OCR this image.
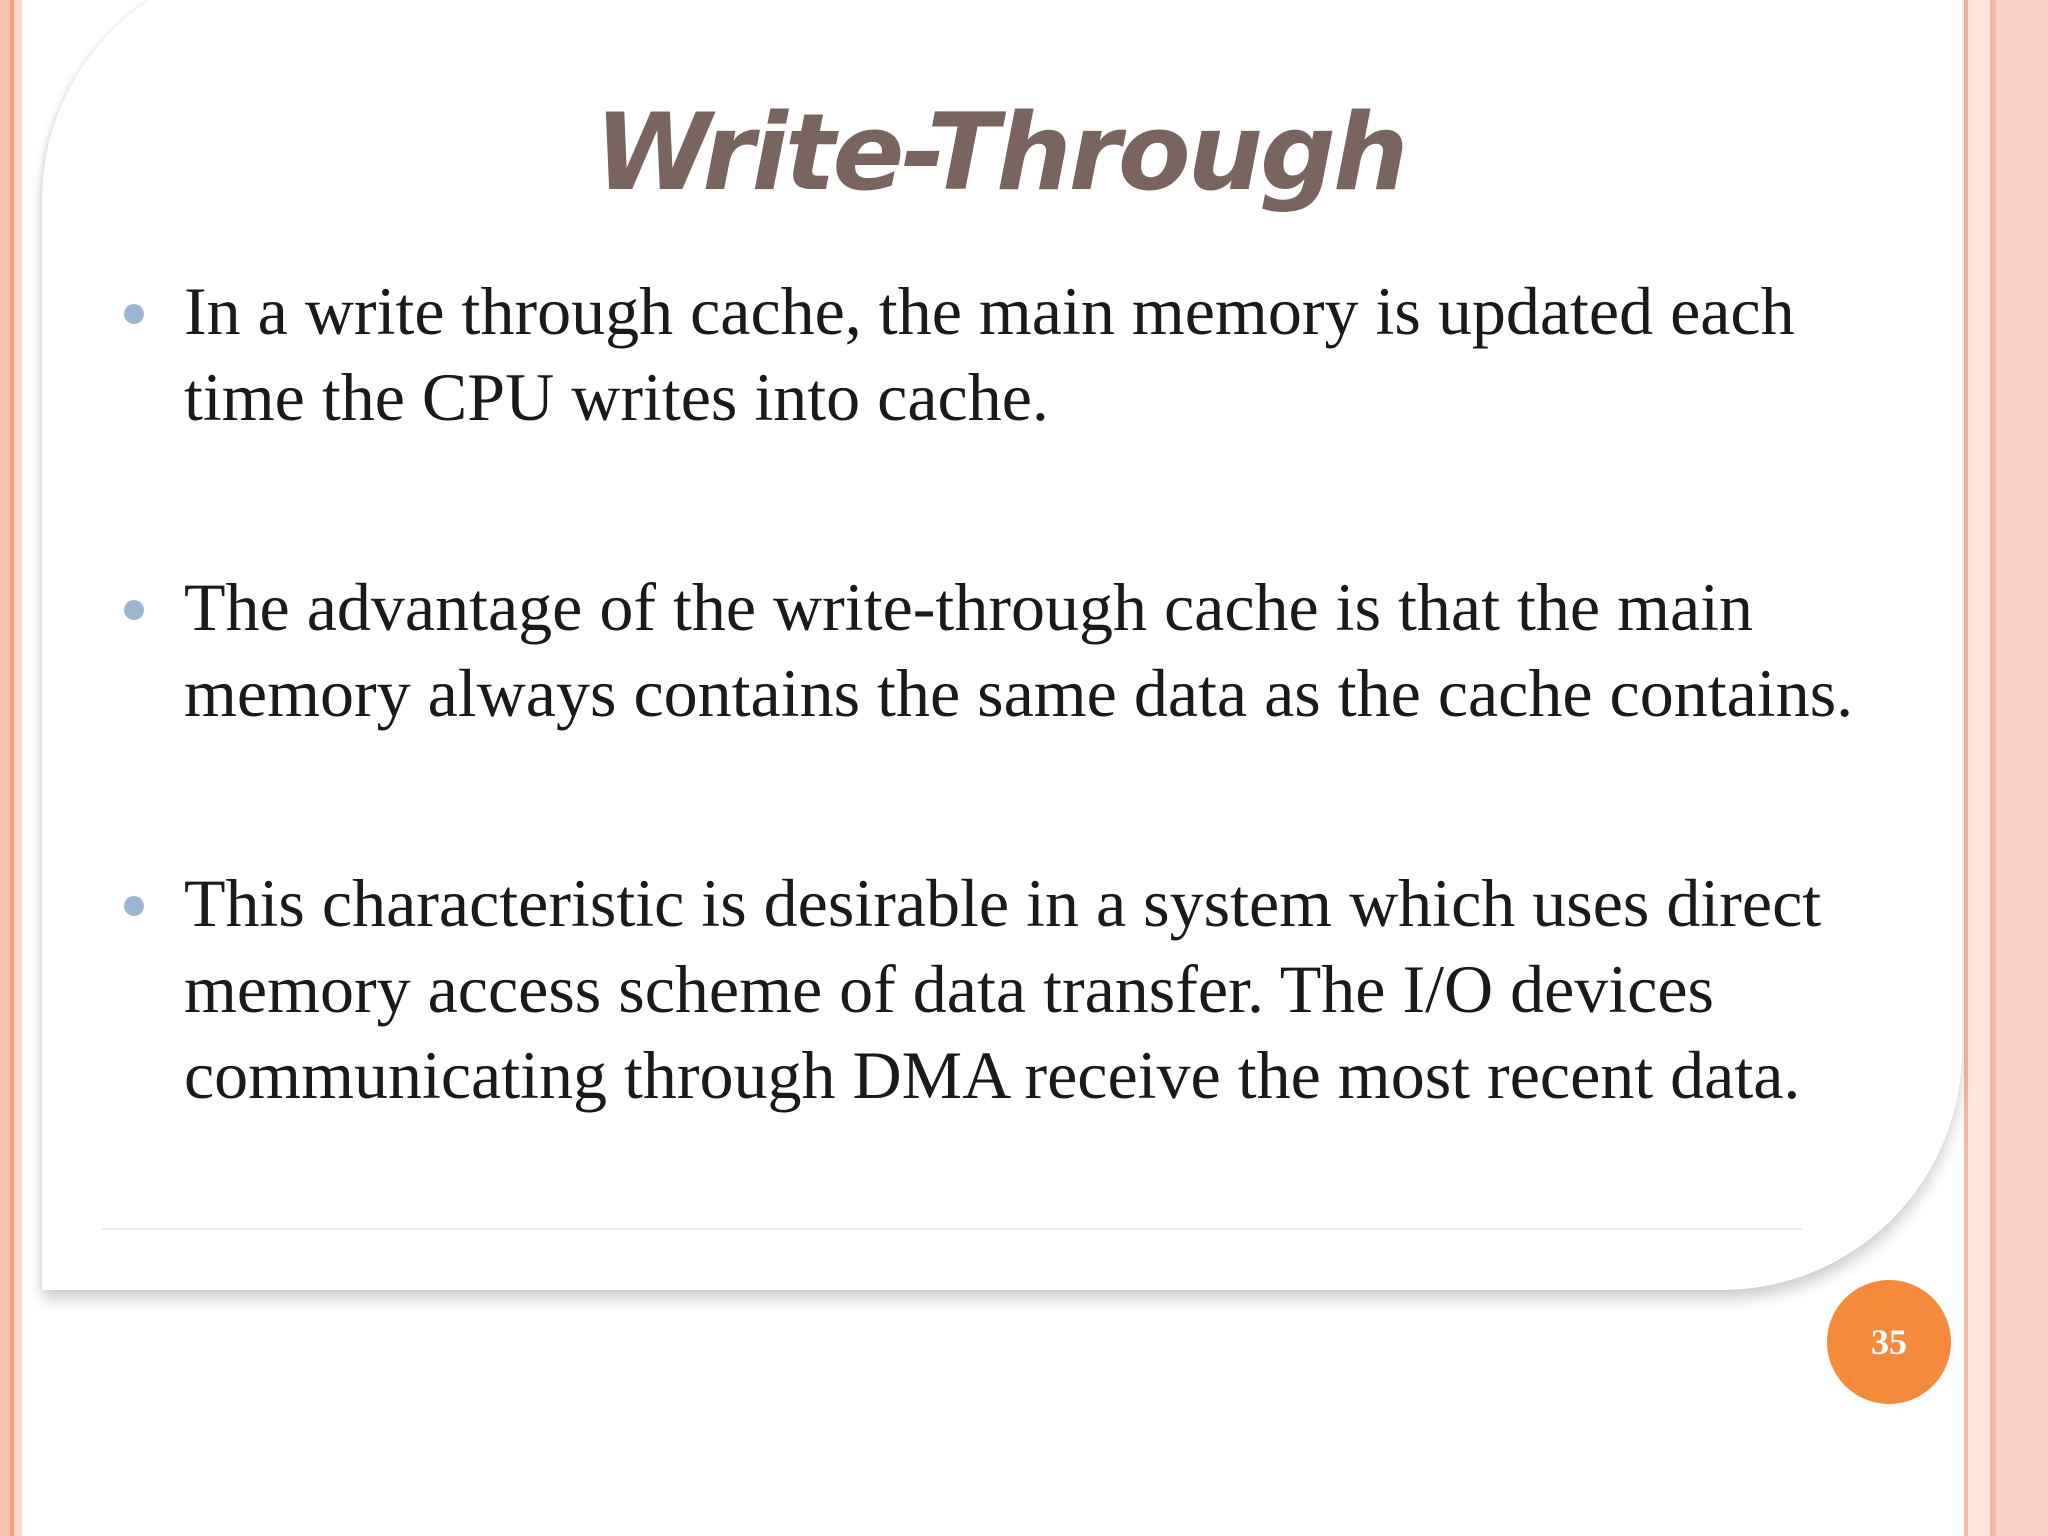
Write-Through
In a write through cache, the main memory is updated each time the CPU writes into cache.
The advantage of the write-through cache is that the main memory always contains the same data as the cache contains.
This characteristic is desirable in a system which uses direct memory access scheme of data transfer. The I/O devices communicating through DMA receive the most recent data.
35
